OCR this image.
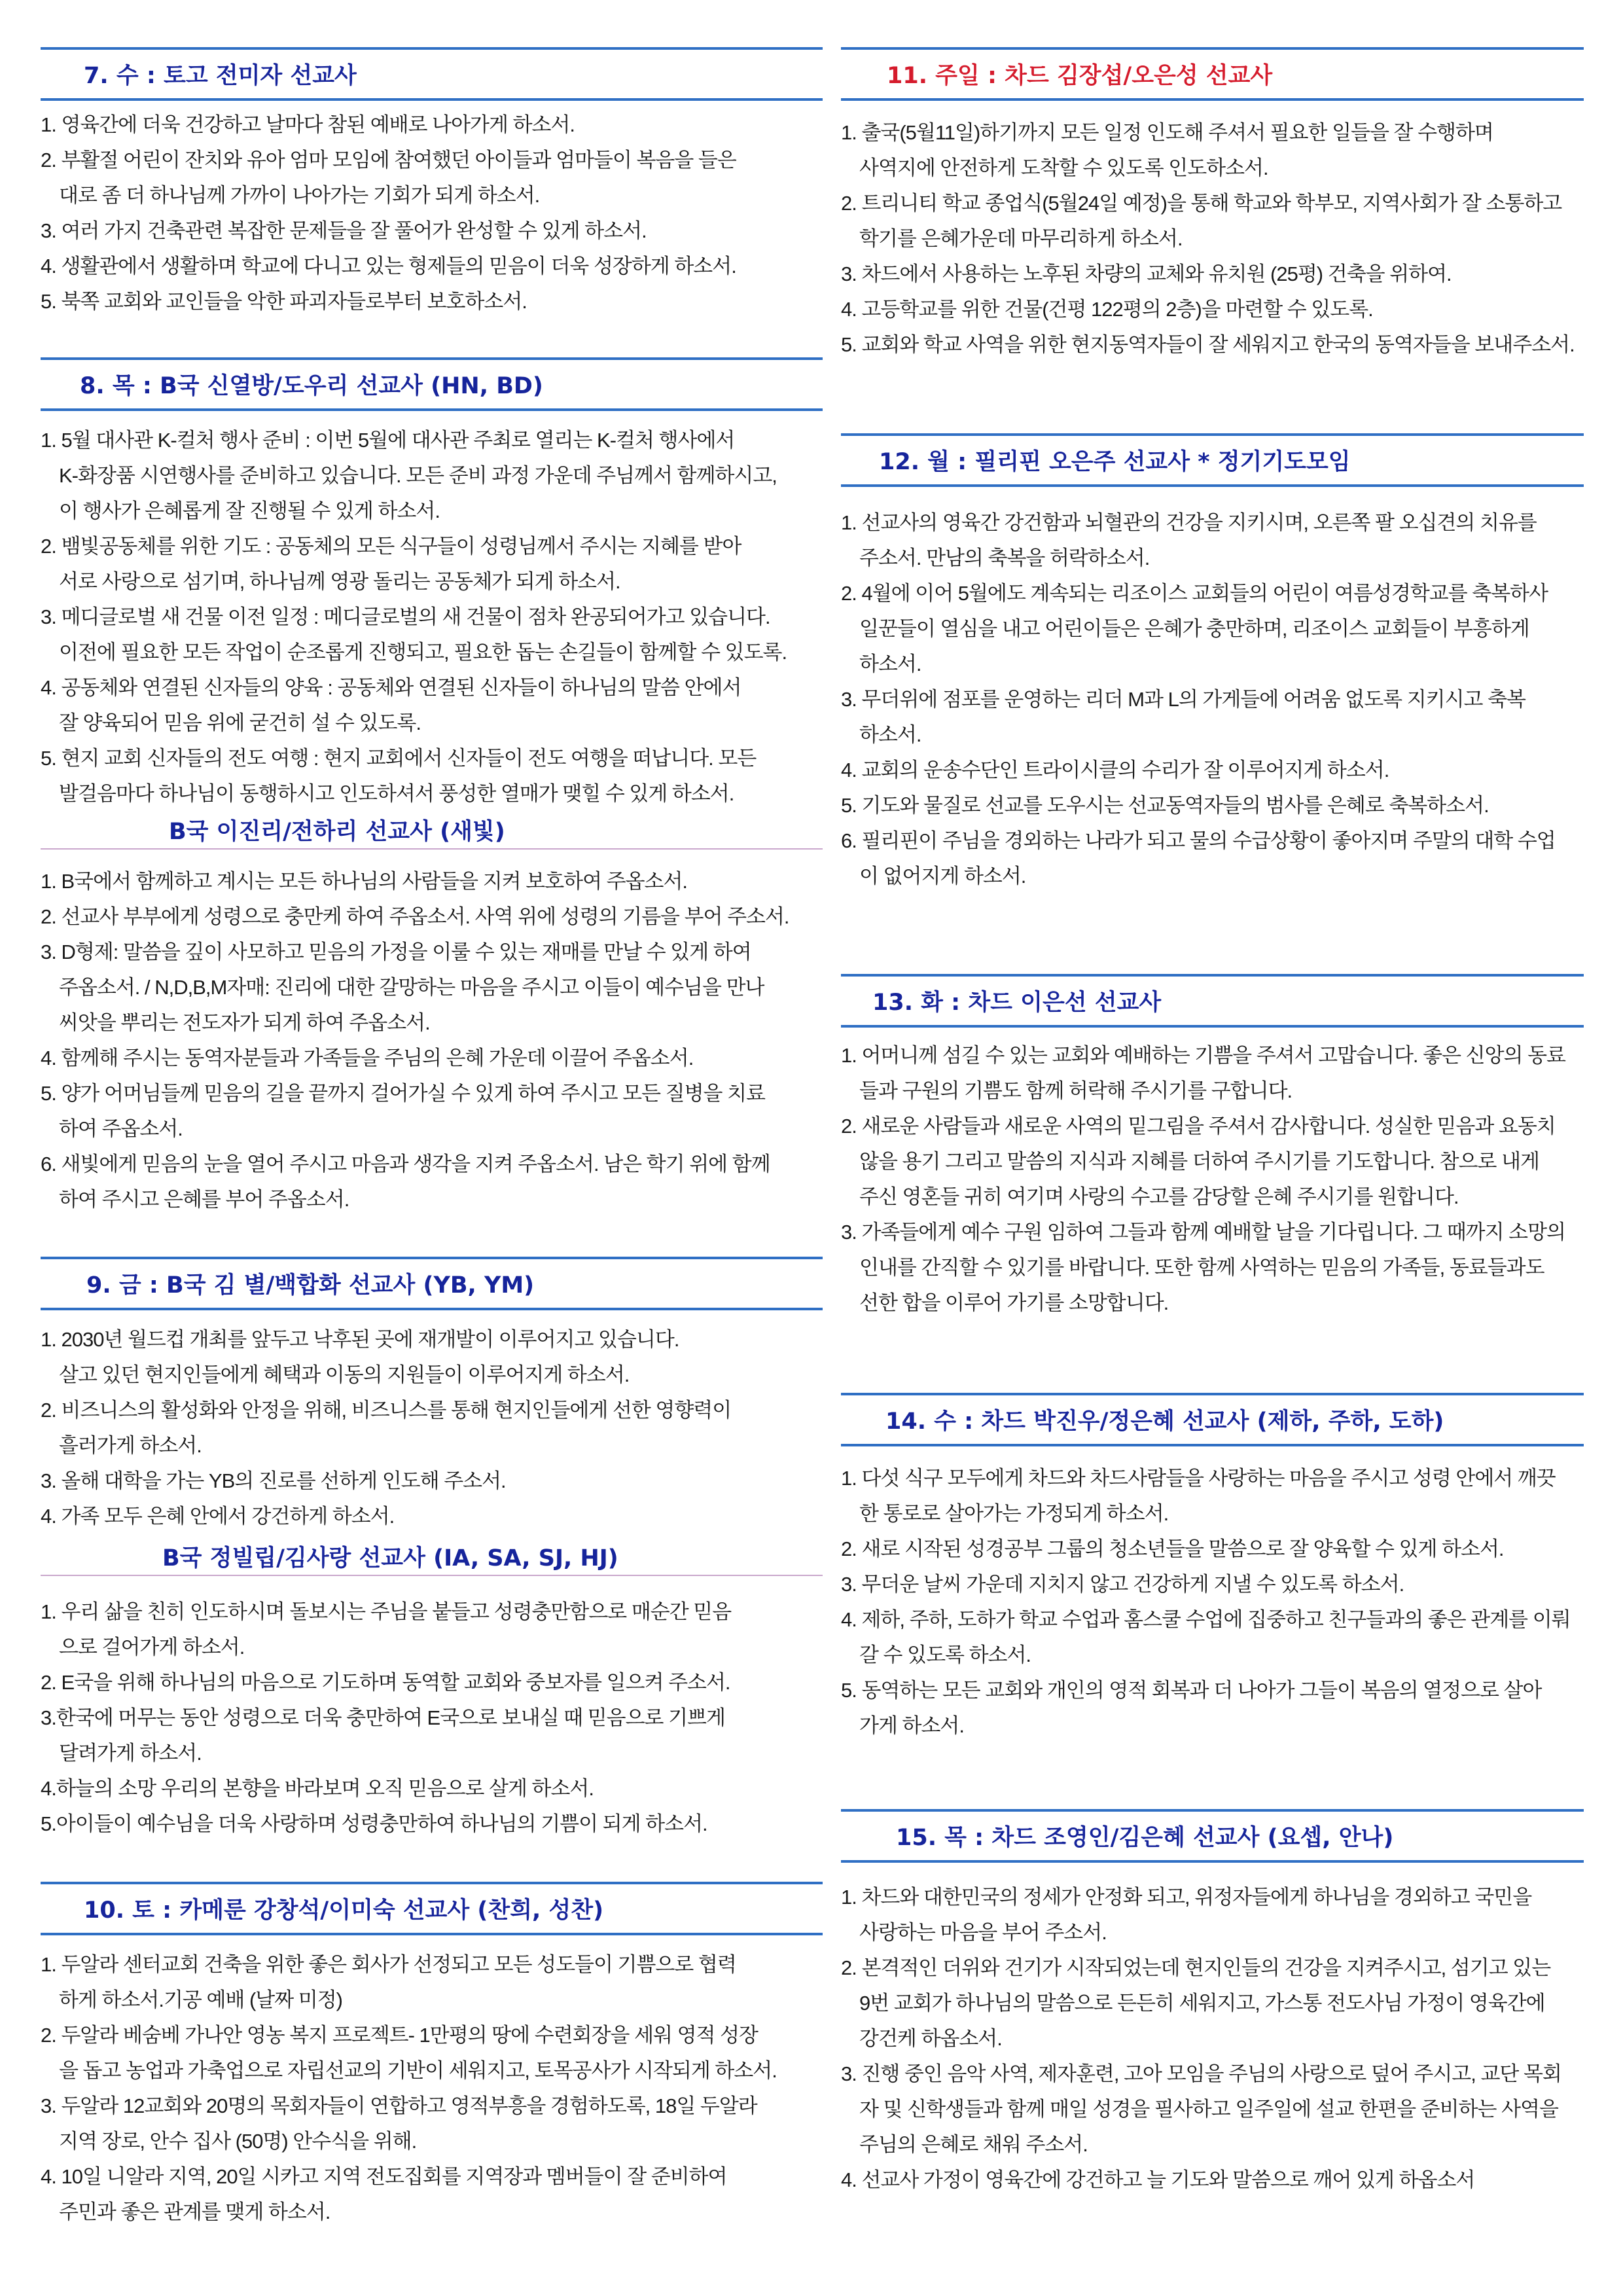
7. 수 : 토고 전미자 선교사
1. 영육간에 더욱 건강하고 날마다 참된 예배로 나아가게 하소서.
2. 부활절 어린이 잔치와 유아 엄마 모임에 참여했던 아이들과 엄마들이 복음을 들은
대로 좀 더 하나님께 가까이 나아가는 기회가 되게 하소서.
3. 여러 가지 건축관련 복잡한 문제들을 잘 풀어가 완성할 수 있게 하소서.
4. 생활관에서 생활하며 학교에 다니고 있는 형제들의 믿음이 더욱 성장하게 하소서.
5. 북쪽 교회와 교인들을 악한 파괴자들로부터 보호하소서.
8. 목 : B국 신열방/도우리 선교사 (HN, BD)
1. 5월 대사관 K-컬처 행사 준비 : 이번 5월에 대사관 주최로 열리는 K-컬처 행사에서
K-화장품 시연행사를 준비하고 있습니다. 모든 준비 과정 가운데 주님께서 함께하시고,
이 행사가 은혜롭게 잘 진행될 수 있게 하소서.
2. 뱀빛공동체를 위한 기도 : 공동체의 모든 식구들이 성령님께서 주시는 지혜를 받아
서로 사랑으로 섬기며, 하나님께 영광 돌리는 공동체가 되게 하소서.
3. 메디글로벌 새 건물 이전 일정 : 메디글로벌의 새 건물이 점차 완공되어가고 있습니다.
이전에 필요한 모든 작업이 순조롭게 진행되고, 필요한 돕는 손길들이 함께할 수 있도록.
4. 공동체와 연결된 신자들의 양육 : 공동체와 연결된 신자들이 하나님의 말씀 안에서
잘 양육되어 믿음 위에 굳건히 설 수 있도록.
5. 현지 교회 신자들의 전도 여행 : 현지 교회에서 신자들이 전도 여행을 떠납니다. 모든
발걸음마다 하나님이 동행하시고 인도하셔서 풍성한 열매가 맺힐 수 있게 하소서.
B국 이진리/전하리 선교사 (새빛)
1. B국에서 함께하고 계시는 모든 하나님의 사람들을 지켜 보호하여 주옵소서.
2. 선교사 부부에게 성령으로 충만케 하여 주옵소서. 사역 위에 성령의 기름을 부어 주소서.
3. D형제: 말씀을 깊이 사모하고 믿음의 가정을 이룰 수 있는 재매를 만날 수 있게 하여
주옵소서. / N,D,B,M자매: 진리에 대한 갈망하는 마음을 주시고 이들이 예수님을 만나
씨앗을 뿌리는 전도자가 되게 하여 주옵소서.
4. 함께해 주시는 동역자분들과 가족들을 주님의 은혜 가운데 이끌어 주옵소서.
5. 양가 어머님들께 믿음의 길을 끝까지 걸어가실 수 있게 하여 주시고 모든 질병을 치료
하여 주옵소서.
6. 새빛에게 믿음의 눈을 열어 주시고 마음과 생각을 지켜 주옵소서. 남은 학기 위에 함께
하여 주시고 은혜를 부어 주옵소서.
9. 금 : B국 김 별/백합화 선교사 (YB, YM)
1. 2030년 월드컵 개최를 앞두고 낙후된 곳에 재개발이 이루어지고 있습니다.
살고 있던 현지인들에게 혜택과 이동의 지원들이 이루어지게 하소서.
2. 비즈니스의 활성화와 안정을 위해, 비즈니스를 통해 현지인들에게 선한 영향력이
흘러가게 하소서.
3. 올해 대학을 가는 YB의 진로를 선하게 인도해 주소서.
4. 가족 모두 은혜 안에서 강건하게 하소서.
B국 정빌립/김사랑 선교사 (IA, SA, SJ, HJ)
1. 우리 삶을 친히 인도하시며 돌보시는 주님을 붙들고 성령충만함으로 매순간 믿음
으로 걸어가게 하소서.
2. E국을 위해 하나님의 마음으로 기도하며 동역할 교회와 중보자를 일으켜 주소서.
3.한국에 머무는 동안 성령으로 더욱 충만하여 E국으로 보내실 때 믿음으로 기쁘게
달려가게 하소서.
4.하늘의 소망 우리의 본향을 바라보며 오직 믿음으로 살게 하소서.
5.아이들이 예수님을 더욱 사랑하며 성령충만하여 하나님의 기쁨이 되게 하소서.
10. 토 : 카메룬 강창석/이미숙 선교사 (찬희, 성찬)
1. 두알라 센터교회 건축을 위한 좋은 회사가 선정되고 모든 성도들이 기쁨으로 협력
하게 하소서.기공 예배 (날짜 미정)
2. 두알라 베숨베 가나안 영농 복지 프로젝트- 1만평의 땅에 수련회장을 세워 영적 성장
을 돕고 농업과 가축업으로 자립선교의 기반이 세워지고, 토목공사가 시작되게 하소서.
3. 두알라 12교회와 20명의 목회자들이 연합하고 영적부흥을 경험하도록, 18일 두알라
지역 장로, 안수 집사 (50명) 안수식을 위해.
4. 10일 니알라 지역, 20일 시카고 지역 전도집회를 지역장과 멤버들이 잘 준비하여
주민과 좋은 관계를 맺게 하소서.
11. 주일 : 차드 김장섭/오은성 선교사
1. 출국(5월11일)하기까지 모든 일정 인도해 주셔서 필요한 일들을 잘 수행하며
사역지에 안전하게 도착할 수 있도록 인도하소서.
2. 트리니티 학교 종업식(5월24일 예정)을 통해 학교와 학부모, 지역사회가 잘 소통하고
학기를 은혜가운데 마무리하게 하소서.
3. 차드에서 사용하는 노후된 차량의 교체와 유치원 (25평) 건축을 위하여.
4. 고등학교를 위한 건물(건평 122평의 2층)을 마련할 수 있도록.
5. 교회와 학교 사역을 위한 현지동역자들이 잘 세워지고 한국의 동역자들을 보내주소서.
12. 월 : 필리핀 오은주 선교사 * 정기기도모임
1. 선교사의 영육간 강건함과 뇌혈관의 건강을 지키시며, 오른쪽 팔 오십견의 치유를
주소서. 만남의 축복을 허락하소서.
2. 4월에 이어 5월에도 계속되는 리조이스 교회들의 어린이 여름성경학교를 축복하사
일꾼들이 열심을 내고 어린이들은 은혜가 충만하며, 리조이스 교회들이 부흥하게
하소서.
3. 무더위에 점포를 운영하는 리더 M과 L의 가게들에 어려움 없도록 지키시고 축복
하소서.
4. 교회의 운송수단인 트라이시클의 수리가 잘 이루어지게 하소서.
5. 기도와 물질로 선교를 도우시는 선교동역자들의 범사를 은혜로 축복하소서.
6. 필리핀이 주님을 경외하는 나라가 되고 물의 수급상황이 좋아지며 주말의 대학 수업
이 없어지게 하소서.
13. 화 : 차드 이은선 선교사
1. 어머니께 섬길 수 있는 교회와 예배하는 기쁨을 주셔서 고맙습니다. 좋은 신앙의 동료
들과 구원의 기쁨도 함께 허락해 주시기를 구합니다.
2. 새로운 사람들과 새로운 사역의 밑그림을 주셔서 감사합니다. 성실한 믿음과 요동치
않을 용기 그리고 말씀의 지식과 지혜를 더하여 주시기를 기도합니다. 참으로 내게
주신 영혼들 귀히 여기며 사랑의 수고를 감당할 은혜 주시기를 원합니다.
3. 가족들에게 예수 구원 임하여 그들과 함께 예배할 날을 기다립니다. 그 때까지 소망의
인내를 간직할 수 있기를 바랍니다. 또한 함께 사역하는 믿음의 가족들, 동료들과도
선한 합을 이루어 가기를 소망합니다.
14. 수 : 차드 박진우/정은혜 선교사 (제하, 주하, 도하)
1. 다섯 식구 모두에게 차드와 차드사람들을 사랑하는 마음을 주시고 성령 안에서 깨끗
한 통로로 살아가는 가정되게 하소서.
2. 새로 시작된 성경공부 그룹의 청소년들을 말씀으로 잘 양육할 수 있게 하소서.
3. 무더운 날씨 가운데 지치지 않고 건강하게 지낼 수 있도록 하소서.
4. 제하, 주하, 도하가 학교 수업과 홈스쿨 수업에 집중하고 친구들과의 좋은 관계를 이뤄
갈 수 있도록 하소서.
5. 동역하는 모든 교회와 개인의 영적 회복과 더 나아가 그들이 복음의 열정으로 살아
가게 하소서.
15. 목 : 차드 조영인/김은혜 선교사 (요셉, 안나)
1. 차드와 대한민국의 정세가 안정화 되고, 위정자들에게 하나님을 경외하고 국민을
사랑하는 마음을 부어 주소서.
2. 본격적인 더위와 건기가 시작되었는데 현지인들의 건강을 지켜주시고, 섬기고 있는
9번 교회가 하나님의 말씀으로 든든히 세워지고, 가스통 전도사님 가정이 영육간에
강건케 하옵소서.
3. 진행 중인 음악 사역, 제자훈련, 고아 모임을 주님의 사랑으로 덮어 주시고, 교단 목회
자 및 신학생들과 함께 매일 성경을 필사하고 일주일에 설교 한편을 준비하는 사역을
주님의 은혜로 채워 주소서.
4. 선교사 가정이 영육간에 강건하고 늘 기도와 말씀으로 깨어 있게 하옵소서
